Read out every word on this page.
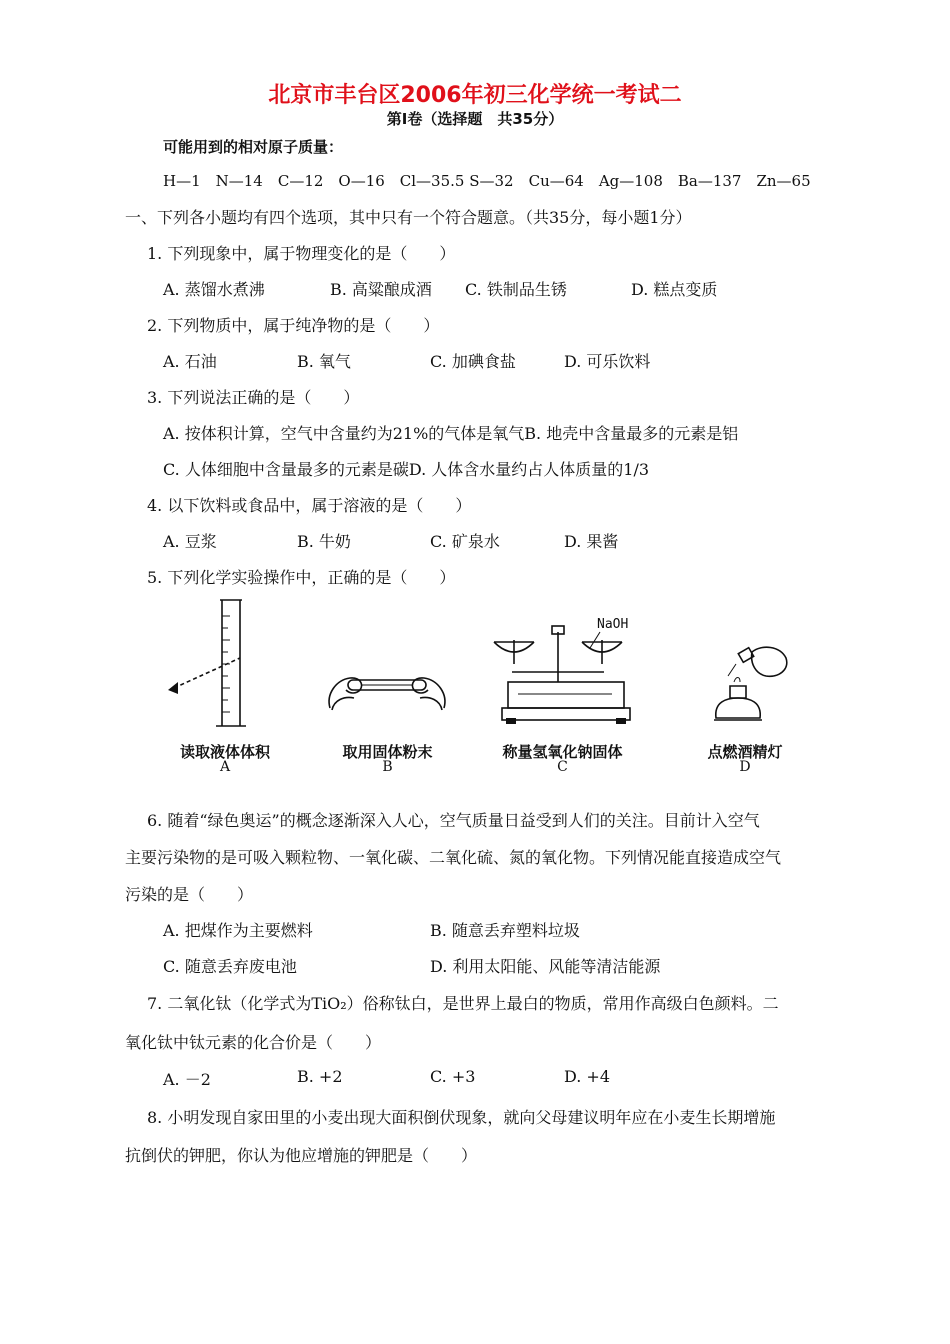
北京市丰台区2006年初三化学统一考试二
第Ⅰ卷（选择题　共35分）
可能用到的相对原子质量：
H—1　N—14　C—12　O—16　Cl—35.5 S—32　Cu—64　Ag—108　Ba—137　Zn—65
一、下列各小题均有四个选项，其中只有一个符合题意。（共35分，每小题1分）
1. 下列现象中，属于物理变化的是（　　）
A. 蒸馏水煮沸	B. 高粱酿成酒 C. 铁制品生锈	D. 糕点变质
2. 下列物质中，属于纯净物的是（　　）
A. 石油	B. 氧气	C. 加碘食盐	D. 可乐饮料
3. 下列说法正确的是（　　）
A. 按体积计算，空气中含量约为21%的气体是氧气B. 地壳中含量最多的元素是铝
C. 人体细胞中含量最多的元素是碳D. 人体含水量约占人体质量的1/3
4. 以下饮料或食品中，属于溶液的是（　　）
A. 豆浆	B. 牛奶	C. 矿泉水	D. 果酱
5. 下列化学实验操作中，正确的是（　　）
读取液体体积
A
取用固体粉末
B
NaOH
称量氢氧化钠固体
C
点燃酒精灯
D
6. 随着“绿色奥运”的概念逐渐深入人心，空气质量日益受到人们的关注。目前计入空气
主要污染物的是可吸入颗粒物、一氧化碳、二氧化硫、氮的氧化物。下列情况能直接造成空气
污染的是（　　）
A. 把煤作为主要燃料	B. 随意丢弃塑料垃圾
C. 随意丢弃废电池	D. 利用太阳能、风能等清洁能源
7. 二氧化钛（化学式为TiO₂）俗称钛白，是世界上最白的物质，常用作高级白色颜料。二
氧化钛中钛元素的化合价是（　　）
A. －2	B. +2	C. +3	D. +4
8. 小明发现自家田里的小麦出现大面积倒伏现象，就向父母建议明年应在小麦生长期增施
抗倒伏的钾肥，你认为他应增施的钾肥是（　　）
